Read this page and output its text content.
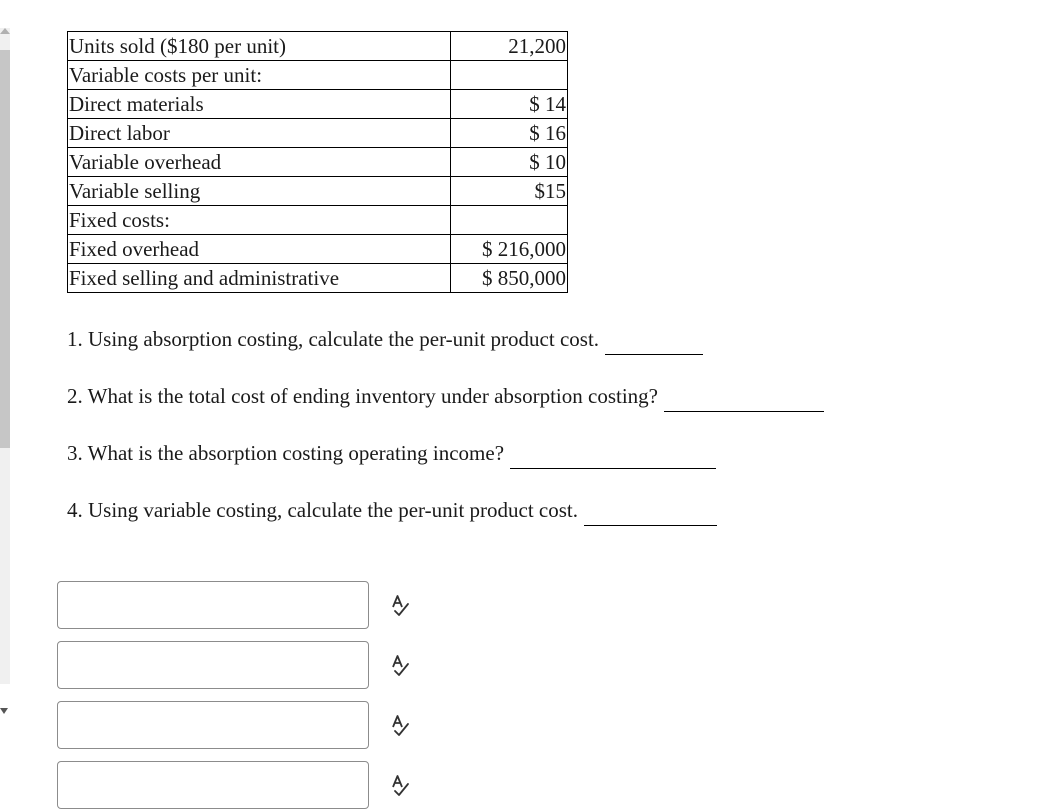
Units sold ($180 per unit)	21,200
Variable costs per unit:	
Direct materials	$ 14
Direct labor	$ 16
Variable overhead	$ 10
Variable selling	$15
Fixed costs:	
Fixed overhead	$ 216,000
Fixed selling and administrative	$ 850,000
1. Using absorption costing, calculate the per-unit product cost.
2. What is the total cost of ending inventory under absorption costing?
3. What is the absorption costing operating income?
4. Using variable costing, calculate the per-unit product cost.
